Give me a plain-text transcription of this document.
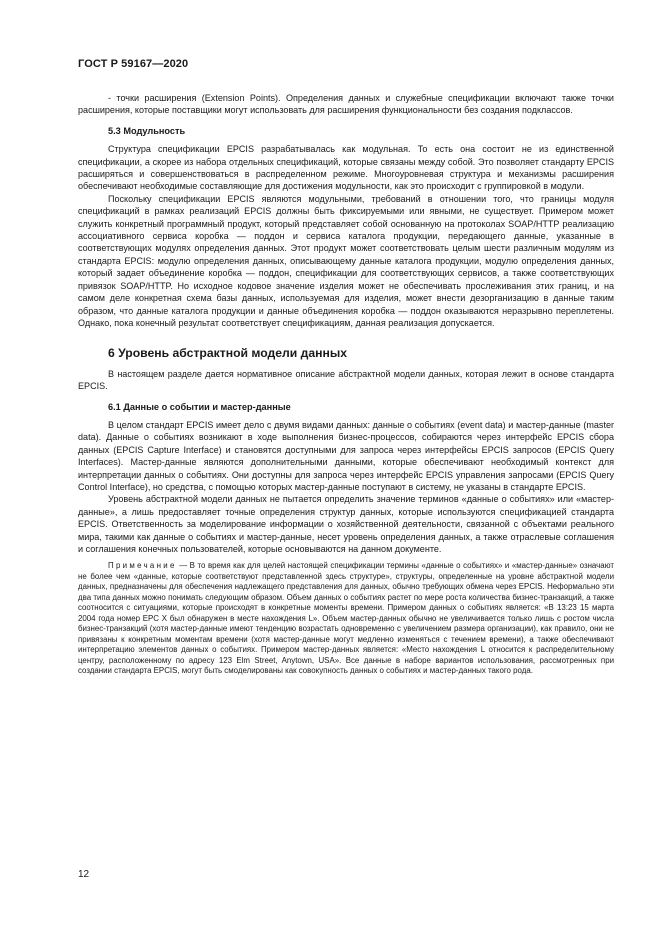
ГОСТ Р 59167—2020

- точки расширения (Extension Points). Определения данных и служебные спецификации включают также точки расширения, которые поставщики могут использовать для расширения функциональности без создания подклассов.

5.3 Модульность

Структура спецификации EPCIS разрабатывалась как модульная. То есть она состоит не из единственной спецификации, а скорее из набора отдельных спецификаций, которые связаны между собой. Это позволяет стандарту EPCIS расширяться и совершенствоваться в распределенном режиме. Многоуровневая структура и механизмы расширения обеспечивают необходимые составляющие для достижения модульности, как это происходит с группировкой в модули.

Поскольку спецификации EPCIS являются модульными, требований в отношении того, что границы модуля спецификаций в рамках реализаций EPCIS должны быть фиксируемыми или явными, не существует. Примером может служить конкретный программный продукт, который представляет собой основанную на протоколах SOAP/HTTP реализацию ассоциативного сервиса коробка — поддон и сервиса каталога продукции, передающего данные, указанные в соответствующих модулях определения данных. Этот продукт может соответствовать целым шести различным модулям из стандарта EPCIS: модулю определения данных, описывающему данные каталога продукции, модулю определения данных, который задает объединение коробка — поддон, спецификации для соответствующих сервисов, а также соответствующих привязок SOAP/HTTP. Но исходное кодовое значение изделия может не обеспечивать прослеживания этих границ, и на самом деле конкретная схема базы данных, используемая для изделия, может внести дезорганизацию в данные таким образом, что данные каталога продукции и данные объединения коробка — поддон оказываются неразрывно переплетены. Однако, пока конечный результат соответствует спецификациям, данная реализация допускается.

6 Уровень абстрактной модели данных

В настоящем разделе дается нормативное описание абстрактной модели данных, которая лежит в основе стандарта EPCIS.

6.1 Данные о событии и мастер-данные

В целом стандарт EPCIS имеет дело с двумя видами данных: данные о событиях (event data) и мастер-данные (master data). Данные о событиях возникают в ходе выполнения бизнес-процессов, собираются через интерфейс EPCIS сбора данных (EPCIS Capture Interface) и становятся доступными для запроса через интерфейсы EPCIS запросов (EPCIS Query Interfaces). Мастер-данные являются дополнительными данными, которые обеспечивают необходимый контекст для интерпретации данных о событиях. Они доступны для запроса через интерфейс EPCIS управления запросами (EPCIS Query Control Interface), но средства, с помощью которых мастер-данные поступают в систему, не указаны в стандарте EPCIS.

Уровень абстрактной модели данных не пытается определить значение терминов «данные о событиях» или «мастер-данные», а лишь предоставляет точные определения структур данных, которые используются спецификацией стандарта EPCIS. Ответственность за моделирование информации о хозяйственной деятельности, связанной с объектами реального мира, такими как данные о событиях и мастер-данные, несет уровень определения данных, а также отраслевые соглашения и соглашения конечных пользователей, которые основываются на данном документе.

Примечание — В то время как для целей настоящей спецификации термины «данные о событиях» и «мастер-данные» означают не более чем «данные, которые соответствуют представленной здесь структуре», структуры, определенные на уровне абстрактной модели данных, предназначены для обеспечения надлежащего представления для данных, обычно требующих обмена через EPCIS. Неформально эти два типа данных можно понимать следующим образом. Объем данных о событиях растет по мере роста количества бизнес-транзакций, а также соотносится с ситуациями, которые происходят в конкретные моменты времени. Примером данных о событиях является: «В 13:23 15 марта 2004 года номер EPC X был обнаружен в месте нахождения L». Объем мастер-данных обычно не увеличивается только лишь с ростом числа бизнес-транзакций (хотя мастер-данные имеют тенденцию возрастать одновременно с увеличением размера организации), как правило, они не привязаны к конкретным моментам времени (хотя мастер-данные могут медленно изменяться с течением времени), а также обеспечивают интерпретацию элементов данных о событиях. Примером мастер-данных является: «Место нахождения L относится к распределительному центру, расположенному по адресу 123 Elm Street, Anytown, USA». Все данные в наборе вариантов использования, рассмотренных при создании стандарта EPCIS, могут быть смоделированы как совокупность данных о событиях и мастер-данных такого рода.

12
